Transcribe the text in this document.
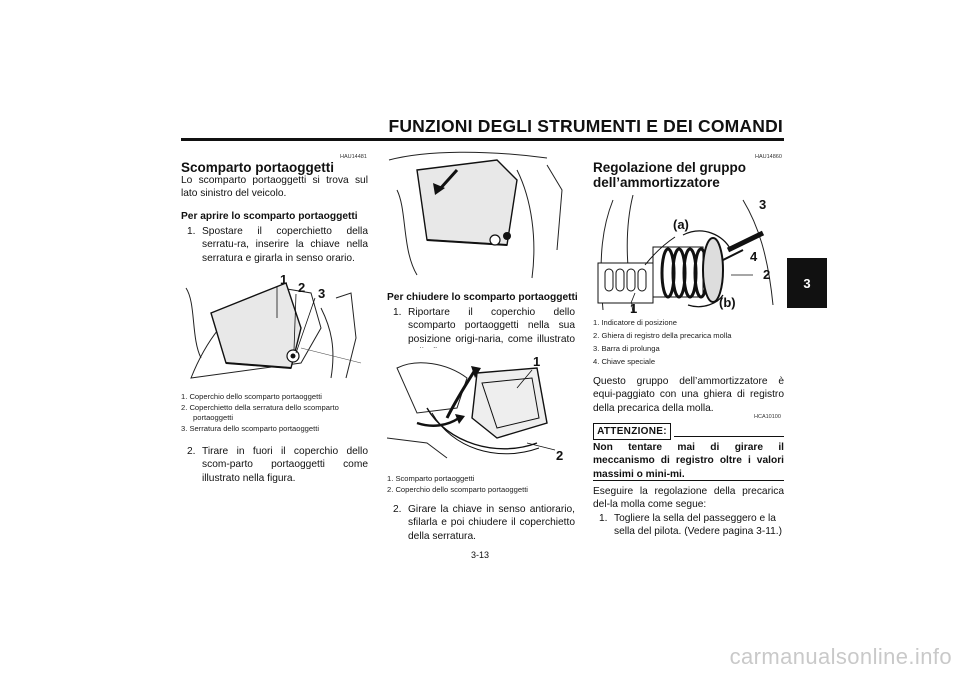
FUNZIONI DEGLI STRUMENTI E DEI COMANDI
3
HAU14481
Scomparto portaoggetti
Lo scomparto portaoggetti si trova sul lato sinistro del veicolo.
Per aprire lo scomparto portaoggetti
1. Spostare il coperchietto della serratu-ra, inserire la chiave nella serratura e girarla in senso orario.
1
2 3
1. Coperchio dello scomparto portaoggetti
2. Coperchietto della serratura dello scomparto
portaoggetti
3. Serratura dello scomparto portaoggetti
2. Tirare in fuori il coperchio dello scom-parto portaoggetti come illustrato nella figura.
Per chiudere lo scomparto portaoggetti
1. Riportare il coperchio dello scomparto portaoggetti nella sua posizione origi-naria, come illustrato
1
2
1. Scomparto portaoggetti
2. Coperchio dello scomparto portaoggetti
2. Girare la chiave in senso antiorario, sfilarla e poi chiudere il coperchietto della serratura.
HAU14860
Regolazione del gruppo
dell’ammortizzatore
(a)
3
4
2
1	(b)
1. Indicatore di posizione
2. Ghiera di registro della precarica molla
3. Barra di prolunga
4. Chiave speciale
Questo gruppo dell’ammortizzatore è equi-paggiato con una ghiera di registro della precarica della molla.
HCA10100
ATTENZIONE:
Non tentare mai di girare il meccanismo di registro oltre i valori massimi o mini-mi.
Eseguire la regolazione della precarica del-la molla come segue:
1. Togliere la sella del passeggero e la sella del pilota. (Vedere pagina 3-11.)
3-13
carmanualsonline.info
